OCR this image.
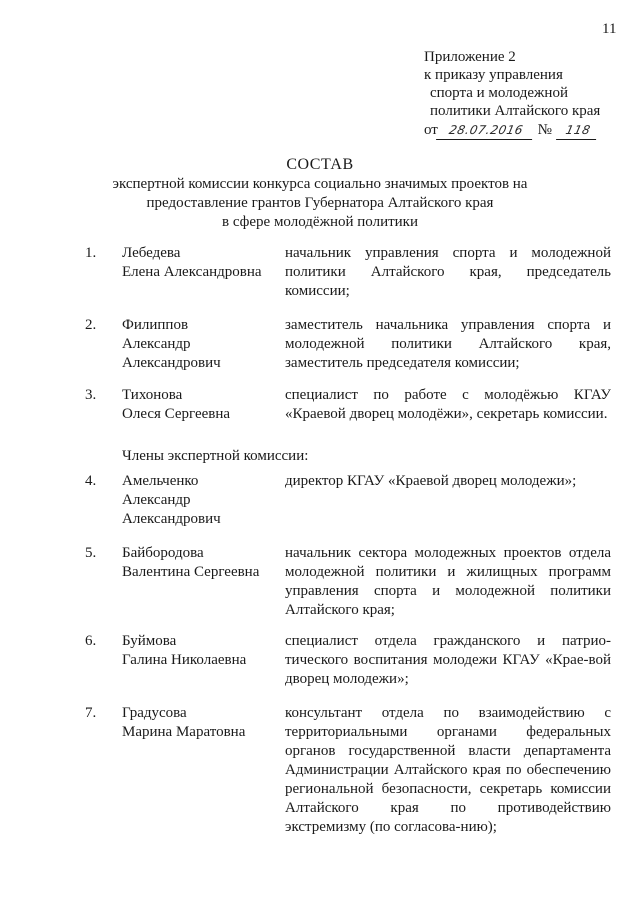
11
Приложение 2
к приказу управления
спорта и молодежной
политики Алтайского края
от 28.07.2016 № 118
СОСТАВ
экспертной комиссии конкурса социально значимых проектов на
предоставление грантов Губернатора Алтайского края
в сфере молодёжной политики
1. Лебедева
Елена Александровна
начальник управления спорта и молодежной политики Алтайского края, председатель комиссии;
2. Филиппов
Александр
Александрович
заместитель начальника управления спорта и молодежной политики Алтайского края, заместитель председателя комиссии;
3. Тихонова
Олеся Сергеевна
специалист по работе с молодёжью КГАУ «Краевой дворец молодёжи», секретарь комиссии.
4. Амельченко
Александр
Александрович
директор КГАУ «Краевой дворец молодежи»;
5. Байбородова
Валентина Сергеевна
начальник сектора молодежных проектов отдела молодежной политики и жилищных программ управления спорта и молодежной политики Алтайского края;
6. Буймова
Галина Николаевна
специалист отдела гражданского и патрио-тического воспитания молодежи КГАУ «Крае-вой дворец молодежи»;
7. Градусова
Марина Маратовна
консультант отдела по взаимодействию с территориальными органами федеральных органов государственной власти департамента Администрации Алтайского края по обеспечению региональной безопасности, секретарь комиссии Алтайского края по противодействию экстремизму (по согласова-нию);
Члены экспертной комиссии:
